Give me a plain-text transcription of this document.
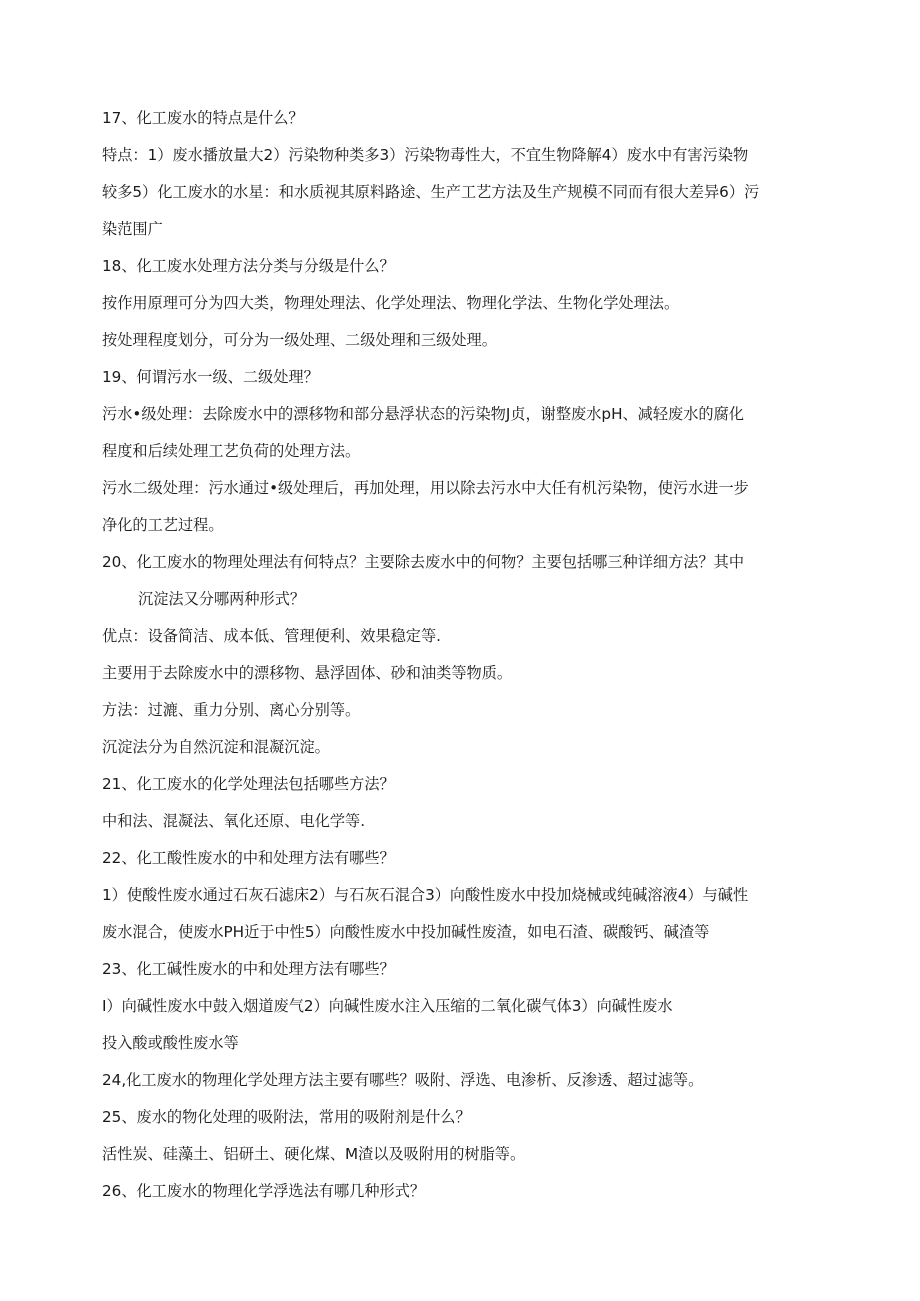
17、化工废水的特点是什么？
特点：1）废水播放量大2）污染物种类多3）污染物毒性大，不宜生物降解4）废水中有害污染物
较多5）化工废水的水星：和水质视其原料路途、生产工艺方法及生产规模不同而有很大差异6）污
染范围广
18、化工废水处理方法分类与分级是什么？
按作用原理可分为四大类，物理处理法、化学处理法、物理化学法、生物化学处理法。
按处理程度划分，可分为一级处理、二级处理和三级处理。
19、何谓污水一级、二级处理？
污水•级处理：去除废水中的漂移物和部分悬浮状态的污染物J贞，谢整废水pH、减轻废水的腐化
程度和后续处理工艺负荷的处理方法。
污水二级处理：污水通过•级处理后，再加处理，用以除去污水中大任有机污染物，使污水进一步
净化的工艺过程。
20、化工废水的物理处理法有何特点？主要除去废水中的何物？主要包括哪三种详细方法？其中
沉淀法又分哪两种形式？
优点：设备简洁、成本低、管理便利、效果稳定等.
主要用于去除废水中的漂移物、悬浮固体、砂和油类等物质。
方法：过漉、重力分别、离心分别等。
沉淀法分为自然沉淀和混凝沉淀。
21、化工废水的化学处理法包括哪些方法？
中和法、混凝法、氧化还原、电化学等.
22、化工酸性废水的中和处理方法有哪些？
1）使酸性废水通过石灰石滤床2）与石灰石混合3）向酸性废水中投加烧械或纯碱溶液4）与碱性
废水混合，使废水PH近于中性5）向酸性废水中投加碱性废渣，如电石渣、碳酸钙、碱渣等
23、化工碱性废水的中和处理方法有哪些？
I）向碱性废水中鼓入烟道废气2）向碱性废水注入压缩的二氧化碳气体3）向碱性废水
投入酸或酸性废水等
24,化工废水的物理化学处理方法主要有哪些？吸附、浮选、电渗析、反渗透、超过滤等。
25、废水的物化处理的吸附法，常用的吸附剂是什么？
活性炭、硅藻土、铝研土、硬化煤、M渣以及吸附用的树脂等。
26、化工废水的物理化学浮选法有哪几种形式？
